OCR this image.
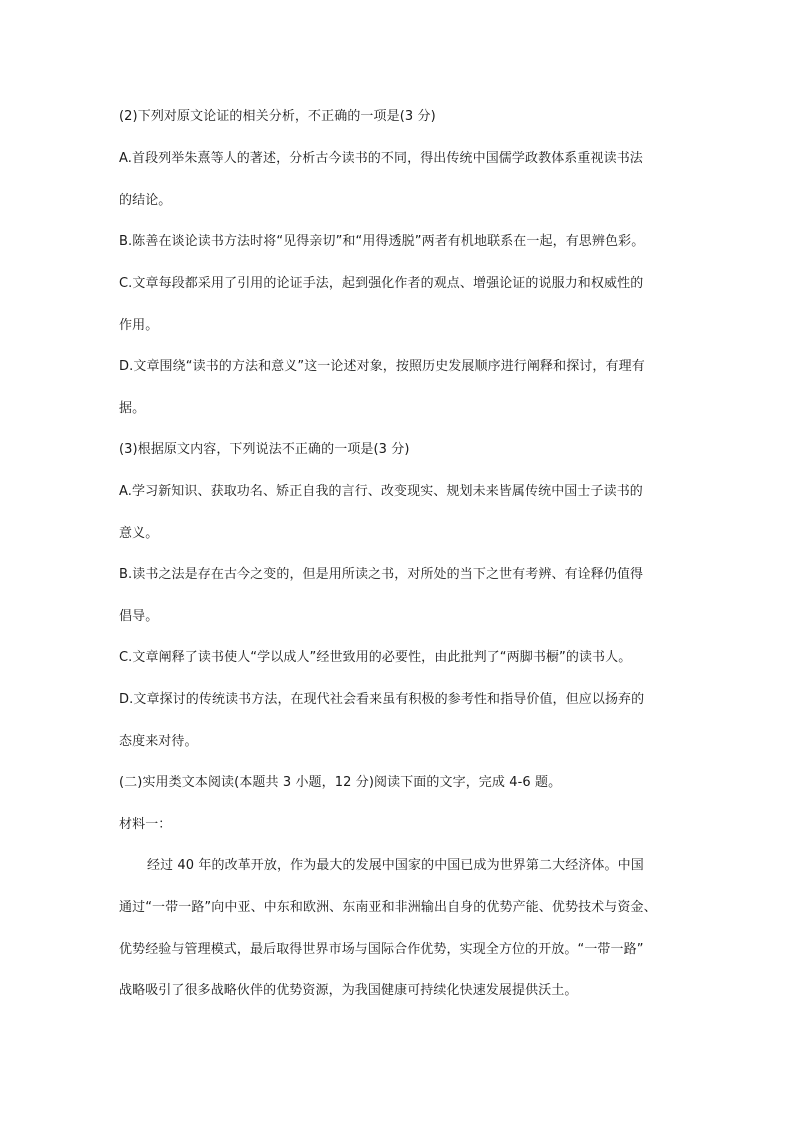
(2)下列对原文论证的相关分析，不正确的一项是(3 分)
A.首段列举朱熹等人的著述，分析古今读书的不同，得出传统中国儒学政教体系重视读书法
的结论。
B.陈善在谈论读书方法时将“见得亲切”和“用得透脱”两者有机地联系在一起，有思辨色彩。
C.文章每段都采用了引用的论证手法，起到强化作者的观点、增强论证的说服力和权威性的
作用。
D.文章围绕“读书的方法和意义”这一论述对象，按照历史发展顺序进行阐释和探讨，有理有
据。
(3)根据原文内容，下列说法不正确的一项是(3 分)
A.学习新知识、获取功名、矫正自我的言行、改变现实、规划未来皆属传统中国士子读书的
意义。
B.读书之法是存在古今之变的，但是用所读之书，对所处的当下之世有考辨、有诠释仍值得
倡导。
C.文章阐释了读书使人“学以成人”经世致用的必要性，由此批判了“两脚书橱”的读书人。
D.文章探讨的传统读书方法，在现代社会看来虽有积极的参考性和指导价值，但应以扬弃的
态度来对待。
(二)实用类文本阅读(本题共 3 小题，12 分)阅读下面的文字，完成 4-6 题。
材料一：
经过 40 年的改革开放，作为最大的发展中国家的中国已成为世界第二大经济体。中国
通过“一带一路”向中亚、中东和欧洲、东南亚和非洲输出自身的优势产能、优势技术与资金、
优势经验与管理模式，最后取得世界市场与国际合作优势，实现全方位的开放。“一带一路”
战略吸引了很多战略伙伴的优势资源，为我国健康可持续化快速发展提供沃土。
